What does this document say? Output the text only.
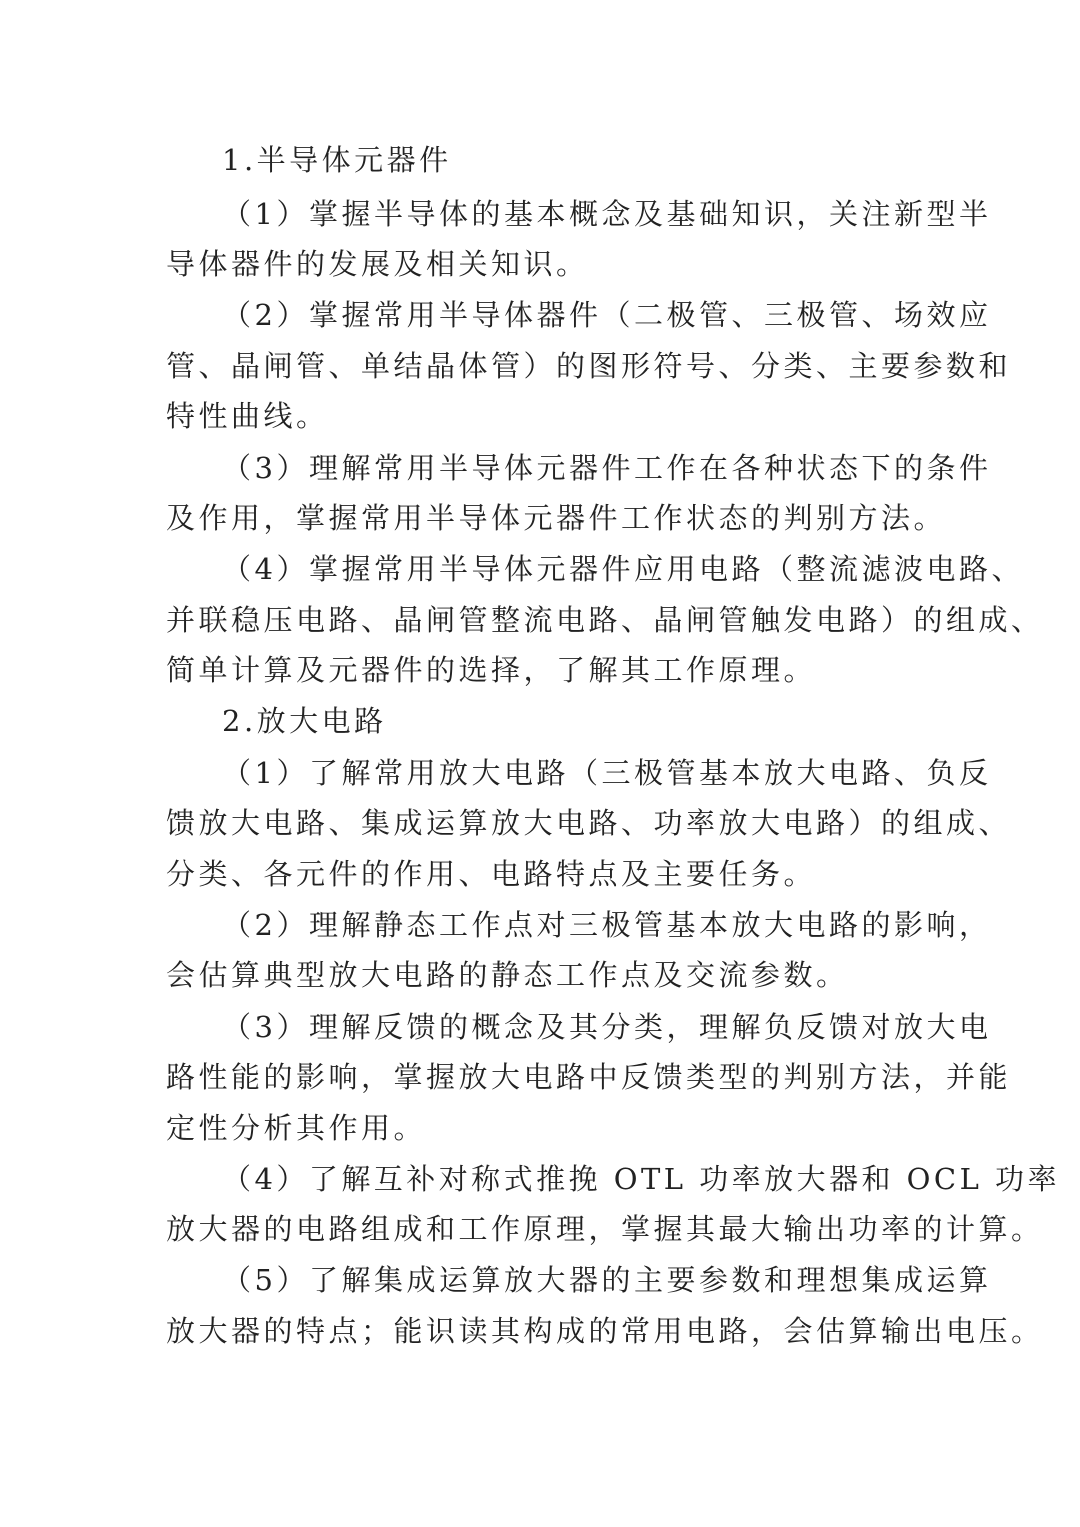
1.半导体元器件
（1）掌握半导体的基本概念及基础知识，关注新型半
导体器件的发展及相关知识。
（2）掌握常用半导体器件（二极管、三极管、场效应
管、晶闸管、单结晶体管）的图形符号、分类、主要参数和
特性曲线。
（3）理解常用半导体元器件工作在各种状态下的条件
及作用，掌握常用半导体元器件工作状态的判别方法。
（4）掌握常用半导体元器件应用电路（整流滤波电路、
并联稳压电路、晶闸管整流电路、晶闸管触发电路）的组成、
简单计算及元器件的选择，了解其工作原理。
2.放大电路
（1）了解常用放大电路（三极管基本放大电路、负反
馈放大电路、集成运算放大电路、功率放大电路）的组成、
分类、各元件的作用、电路特点及主要任务。
（2）理解静态工作点对三极管基本放大电路的影响，
会估算典型放大电路的静态工作点及交流参数。
（3）理解反馈的概念及其分类，理解负反馈对放大电
路性能的影响，掌握放大电路中反馈类型的判别方法，并能
定性分析其作用。
（4）了解互补对称式推挽 OTL 功率放大器和 OCL 功率
放大器的电路组成和工作原理，掌握其最大输出功率的计算。
（5）了解集成运算放大器的主要参数和理想集成运算
放大器的特点；能识读其构成的常用电路，会估算输出电压。
